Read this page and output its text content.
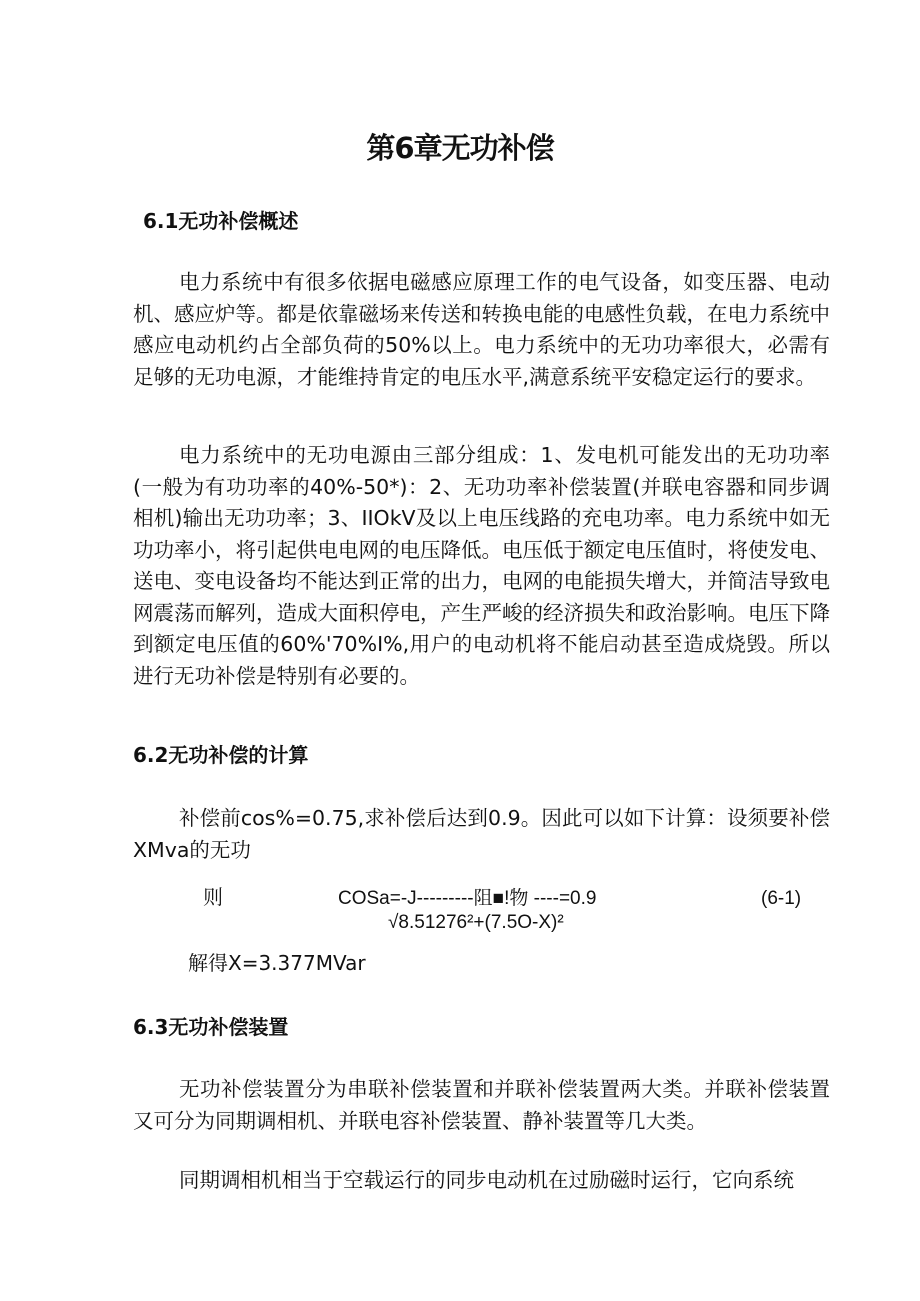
第6章无功补偿
6.1无功补偿概述

电力系统中有很多依据电磁感应原理工作的电气设备，如变压器、电动机、感应炉等。都是依靠磁场来传送和转换电能的电感性负载，在电力系统中感应电动机约占全部负荷的50%以上。电力系统中的无功功率很大，必需有足够的无功电源，才能维持肯定的电压水平,满意系统平安稳定运行的要求。

电力系统中的无功电源由三部分组成：1、发电机可能发出的无功功率(一般为有功功率的40%-50*)：2、无功功率补偿装置(并联电容器和同步调相机)输出无功功率；3、IIOkV及以上电压线路的充电功率。电力系统中如无功功率小，将引起供电电网的电压降低。电压低于额定电压值时，将使发电、送电、变电设备均不能达到正常的出力，电网的电能损失增大，并简洁导致电网震荡而解列，造成大面积停电，产生严峻的经济损失和政治影响。电压下降到额定电压值的60%'70%I%,用户的电动机将不能启动甚至造成烧毁。所以进行无功补偿是特别有必要的。

6.2无功补偿的计算

补偿前cos%=0.75,求补偿后达到0.9。因此可以如下计算：设须要补偿XMva的无功

则	COSa=-J---------阻■!物 ----=0.9
√8.51276²+(7.5O-X)²
(6-1)

解得X=3.377MVar

6.3无功补偿装置

无功补偿装置分为串联补偿装置和并联补偿装置两大类。并联补偿装置又可分为同期调相机、并联电容补偿装置、静补装置等几大类。

同期调相机相当于空载运行的同步电动机在过励磁时运行，它向系统
